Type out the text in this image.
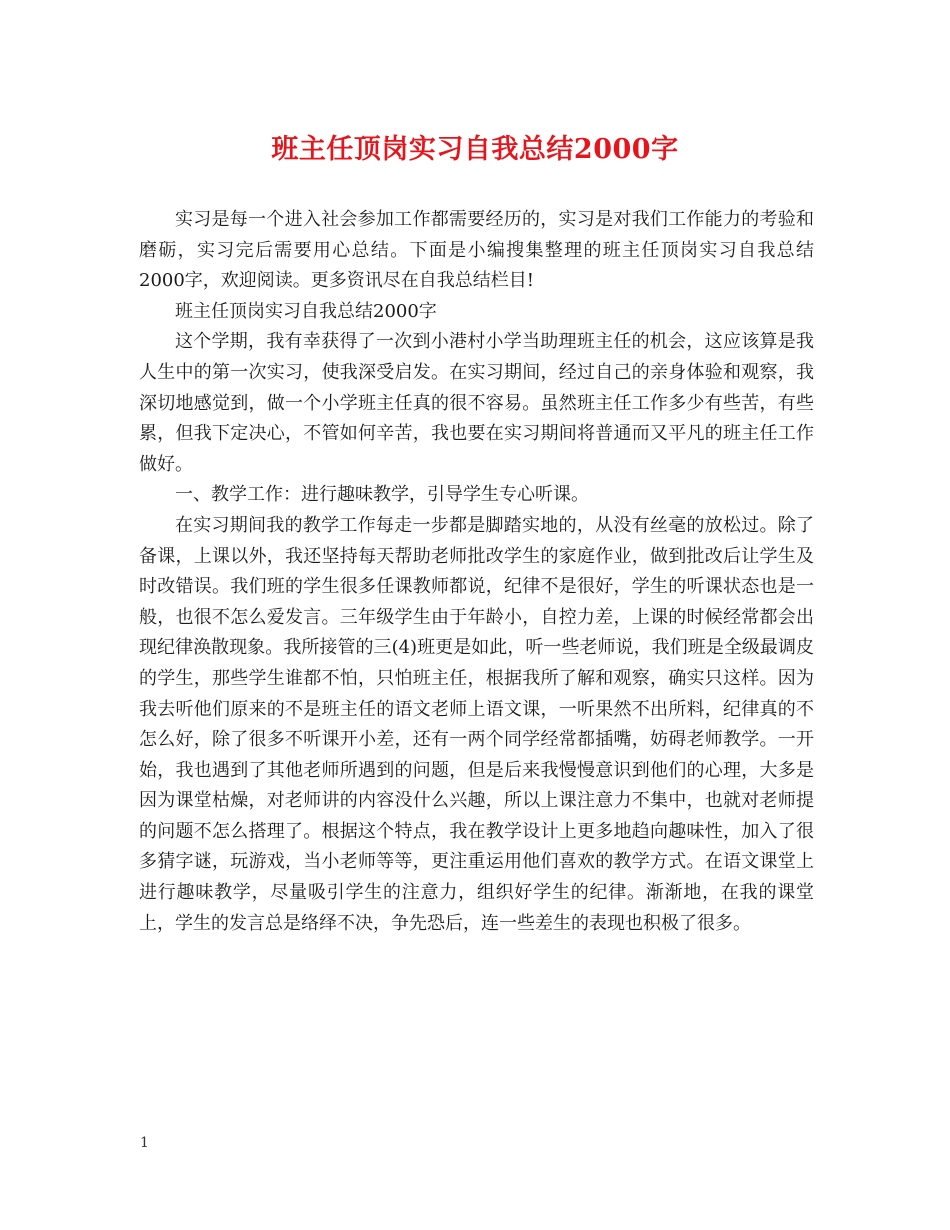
班主任顶岗实习自我总结2000字

实习是每一个进入社会参加工作都需要经历的，实习是对我们工作能力的考验和磨砺，实习完后需要用心总结。下面是小编搜集整理的班主任顶岗实习自我总结2000字，欢迎阅读。更多资讯尽在自我总结栏目!

班主任顶岗实习自我总结2000字

这个学期，我有幸获得了一次到小港村小学当助理班主任的机会，这应该算是我人生中的第一次实习，使我深受启发。在实习期间，经过自己的亲身体验和观察，我深切地感觉到，做一个小学班主任真的很不容易。虽然班主任工作多少有些苦，有些累，但我下定决心，不管如何辛苦，我也要在实习期间将普通而又平凡的班主任工作做好。

一、教学工作：进行趣味教学，引导学生专心听课。

在实习期间我的教学工作每走一步都是脚踏实地的，从没有丝毫的放松过。除了备课，上课以外，我还坚持每天帮助老师批改学生的家庭作业，做到批改后让学生及时改错误。我们班的学生很多任课教师都说，纪律不是很好，学生的听课状态也是一般，也很不怎么爱发言。三年级学生由于年龄小，自控力差，上课的时候经常都会出现纪律涣散现象。我所接管的三(4)班更是如此，听一些老师说，我们班是全级最调皮的学生，那些学生谁都不怕，只怕班主任，根据我所了解和观察，确实只这样。因为我去听他们原来的不是班主任的语文老师上语文课，一听果然不出所料，纪律真的不怎么好，除了很多不听课开小差，还有一两个同学经常都插嘴，妨碍老师教学。一开始，我也遇到了其他老师所遇到的问题，但是后来我慢慢意识到他们的心理，大多是因为课堂枯燥，对老师讲的内容没什么兴趣，所以上课注意力不集中，也就对老师提的问题不怎么搭理了。根据这个特点，我在教学设计上更多地趋向趣味性，加入了很多猜字谜，玩游戏，当小老师等等，更注重运用他们喜欢的教学方式。在语文课堂上进行趣味教学，尽量吸引学生的注意力，组织好学生的纪律。渐渐地，在我的课堂上，学生的发言总是络绎不决，争先恐后，连一些差生的表现也积极了很多。

1
